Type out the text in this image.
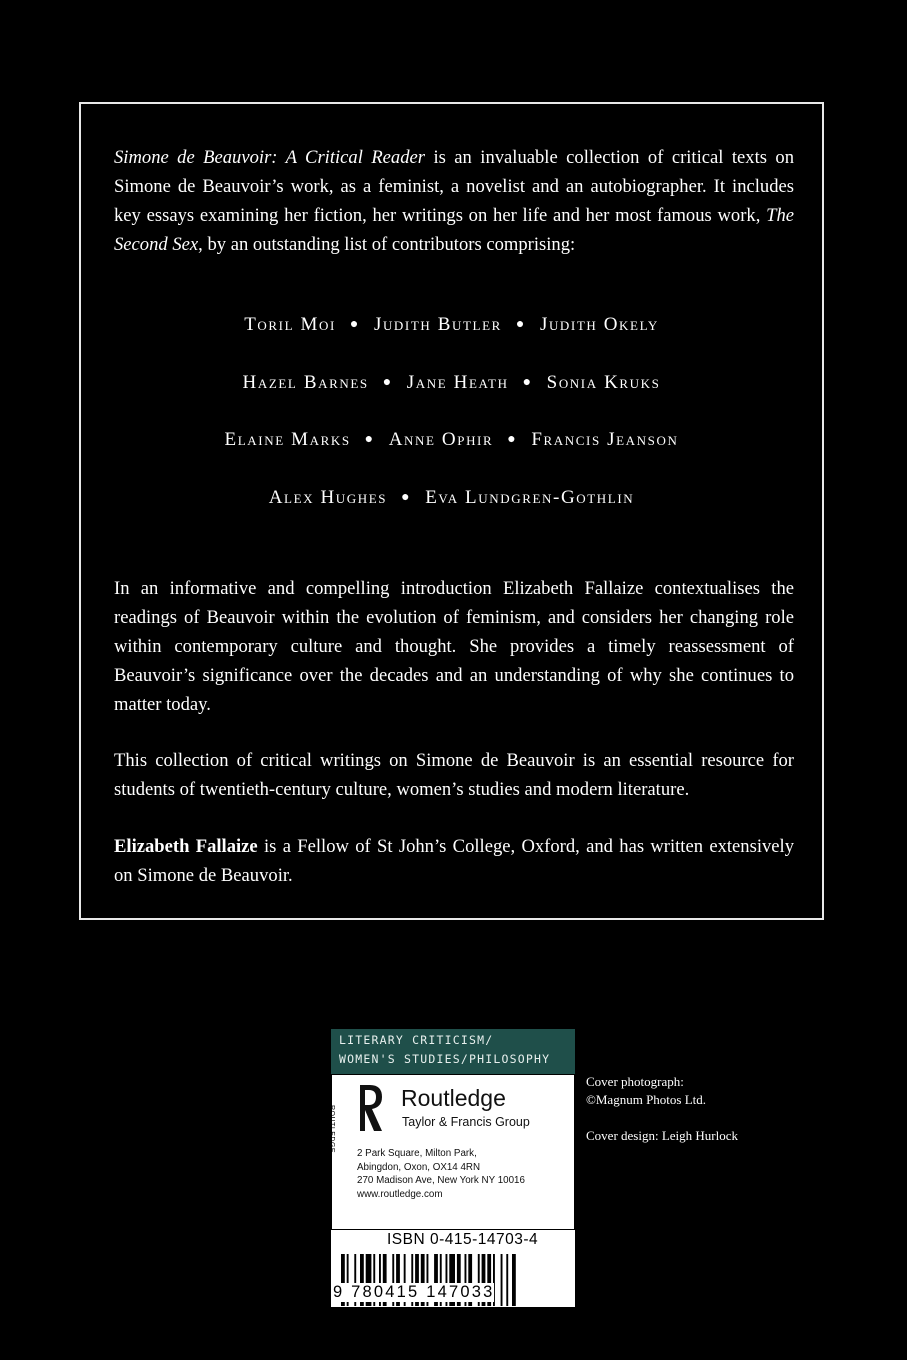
Simone de Beauvoir: A Critical Reader is an invaluable collection of critical texts on Simone de Beauvoir’s work, as a feminist, a novelist and an autobiographer. It includes key essays examining her fiction, her writings on her life and her most famous work, The Second Sex, by an outstanding list of contributors comprising:

Toril Moi ● Judith Butler ● Judith Okely
Hazel Barnes ● Jane Heath ● Sonia Kruks
Elaine Marks ● Anne Ophir ● Francis Jeanson
Alex Hughes ● Eva Lundgren-Gothlin

In an informative and compelling introduction Elizabeth Fallaize contextualises the readings of Beauvoir within the evolution of feminism, and considers her changing role within contemporary culture and thought. She provides a timely reassessment of Beauvoir’s significance over the decades and an understanding of why she continues to matter today.

This collection of critical writings on Simone de Beauvoir is an essential resource for students of twentieth-century culture, women’s studies and modern literature.

Elizabeth Fallaize is a Fellow of St John’s College, Oxford, and has written extensively on Simone de Beauvoir.

LITERARY CRITICISM/
WOMEN'S STUDIES/PHILOSOPHY
ROUTLEDGE
Routledge
Taylor & Francis Group
2 Park Square, Milton Park,
Abingdon, Oxon, OX14 4RN
270 Madison Ave, New York NY 10016
www.routledge.com
ISBN 0-415-14703-4
9 780415 147033
Cover photograph:
©Magnum Photos Ltd.
Cover design: Leigh Hurlock
